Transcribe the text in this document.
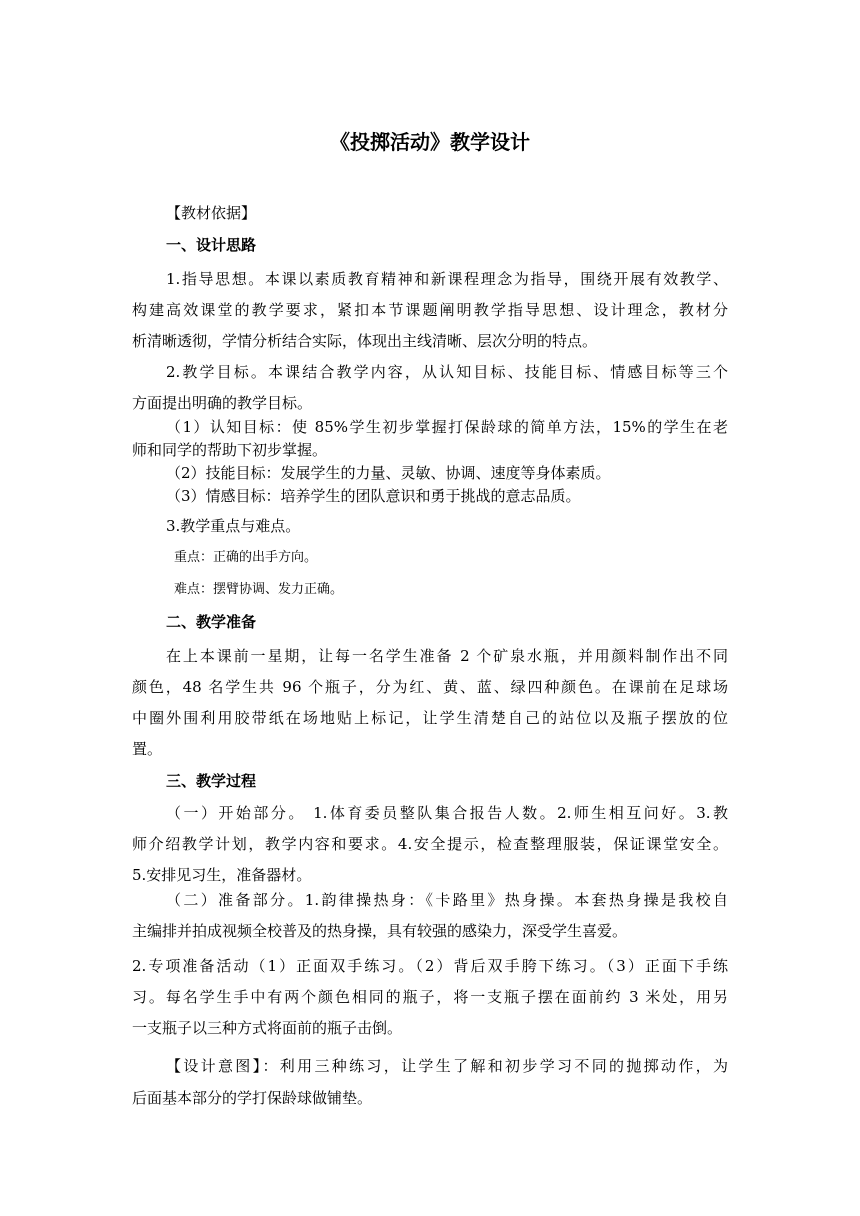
《投掷活动》教学设计
【教材依据】
一、设计思路
1.指导思想。本课以素质教育精神和新课程理念为指导，围绕开展有效教学、
构建高效课堂的教学要求，紧扣本节课题阐明教学指导思想、设计理念，教材分
析清晰透彻，学情分析结合实际，体现出主线清晰、层次分明的特点。
2.教学目标。本课结合教学内容，从认知目标、技能目标、情感目标等三个
方面提出明确的教学目标。
（1）认知目标：使 85%学生初步掌握打保龄球的简单方法，15%的学生在老
师和同学的帮助下初步掌握。
（2）技能目标：发展学生的力量、灵敏、协调、速度等身体素质。
（3）情感目标：培养学生的团队意识和勇于挑战的意志品质。
3.教学重点与难点。
重点：正确的出手方向。
难点：摆臂协调、发力正确。
二、教学准备
在上本课前一星期，让每一名学生准备 2 个矿泉水瓶，并用颜料制作出不同
颜色，48 名学生共 96 个瓶子，分为红、黄、蓝、绿四种颜色。在课前在足球场
中圈外围利用胶带纸在场地贴上标记，让学生清楚自己的站位以及瓶子摆放的位
置。
三、教学过程
（一）开始部分。 1.体育委员整队集合报告人数。2.师生相互问好。3.教
师介绍教学计划，教学内容和要求。4.安全提示，检查整理服装，保证课堂安全。
5.安排见习生，准备器材。
（二）准备部分。1.韵律操热身：《卡路里》热身操。本套热身操是我校自
主编排并拍成视频全校普及的热身操，具有较强的感染力，深受学生喜爱。
2.专项准备活动（1）正面双手练习。（2）背后双手胯下练习。（3）正面下手练
习。每名学生手中有两个颜色相同的瓶子，将一支瓶子摆在面前约 3 米处，用另
一支瓶子以三种方式将面前的瓶子击倒。
【设计意图】：利用三种练习，让学生了解和初步学习不同的抛掷动作，为
后面基本部分的学打保龄球做铺垫。
